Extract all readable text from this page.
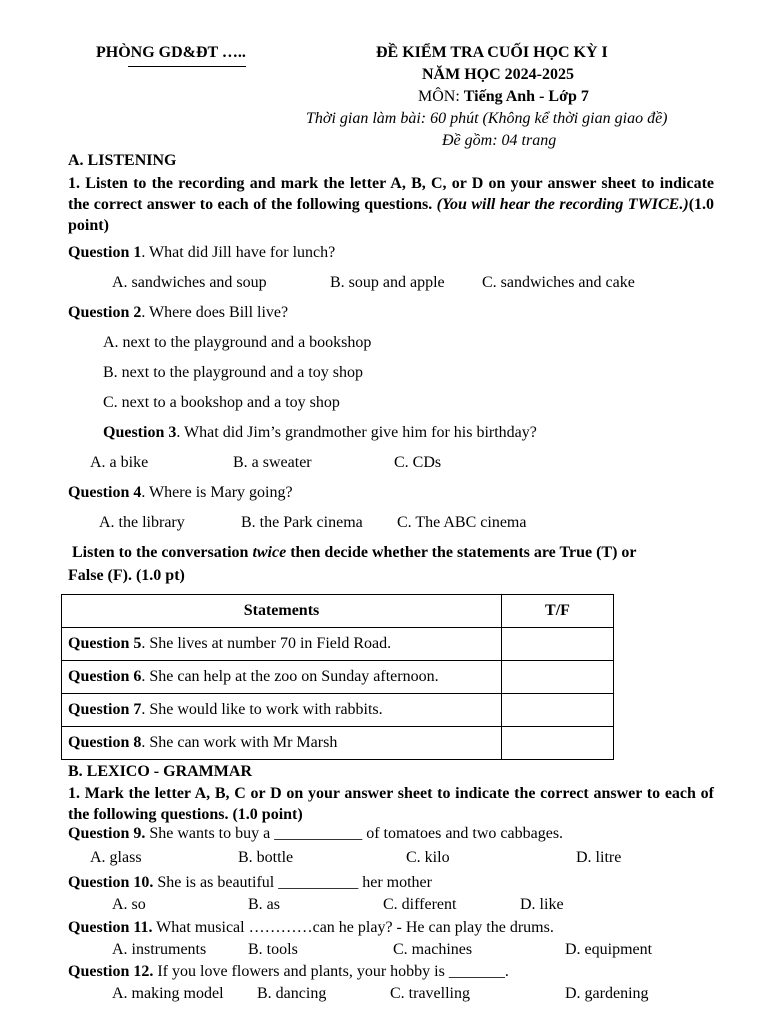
PHÒNG GD&ĐT …..	ĐỀ KIỂM TRA CUỐI HỌC KỲ I
NĂM HỌC 2024-2025
MÔN: Tiếng Anh - Lớp 7
Thời gian làm bài: 60 phút (Không kể thời gian giao đề)
Đề gồm: 04 trang
A. LISTENING
1. Listen to the recording and mark the letter A, B, C, or D on your answer sheet to indicate the correct answer to each of the following questions. (You will hear the recording TWICE.)(1.0 point)
Question 1. What did Jill have for lunch?
A. sandwiches and soup	B. soup and apple C. sandwiches and cake
Question 2. Where does Bill live?
A. next to the playground and a bookshop
B. next to the playground and a toy shop
C. next to a bookshop and a toy shop
Question 3. What did Jim’s grandmother give him for his birthday?
A. a bike	B. a sweater	C. CDs
Question 4. Where is Mary going?
A. the library	B. the Park cinema C. The ABC cinema
Listen to the conversation twice then decide whether the statements are True (T) or
False (F). (1.0 pt)
Statements	T/F
Question 5. She lives at number 70 in Field Road.	
Question 6. She can help at the zoo on Sunday afternoon.	
Question 7. She would like to work with rabbits.	
Question 8. She can work with Mr Marsh	
B. LEXICO - GRAMMAR
1. Mark the letter A, B, C or D on your answer sheet to indicate the correct answer to each of the following questions. (1.0 point)
Question 9. She wants to buy a ___________ of tomatoes and two cabbages.
A. glass	B. bottle	C. kilo	D. litre
Question 10. She is as beautiful __________ her mother
A. so	B. as	C. different	D. like
Question 11. What musical …………can he play? - He can play the drums.
A. instruments	B. tools	C. machines	D. equipment
Question 12. If you love flowers and plants, your hobby is _______.
A. making model B. dancing	C. travelling	D. gardening
